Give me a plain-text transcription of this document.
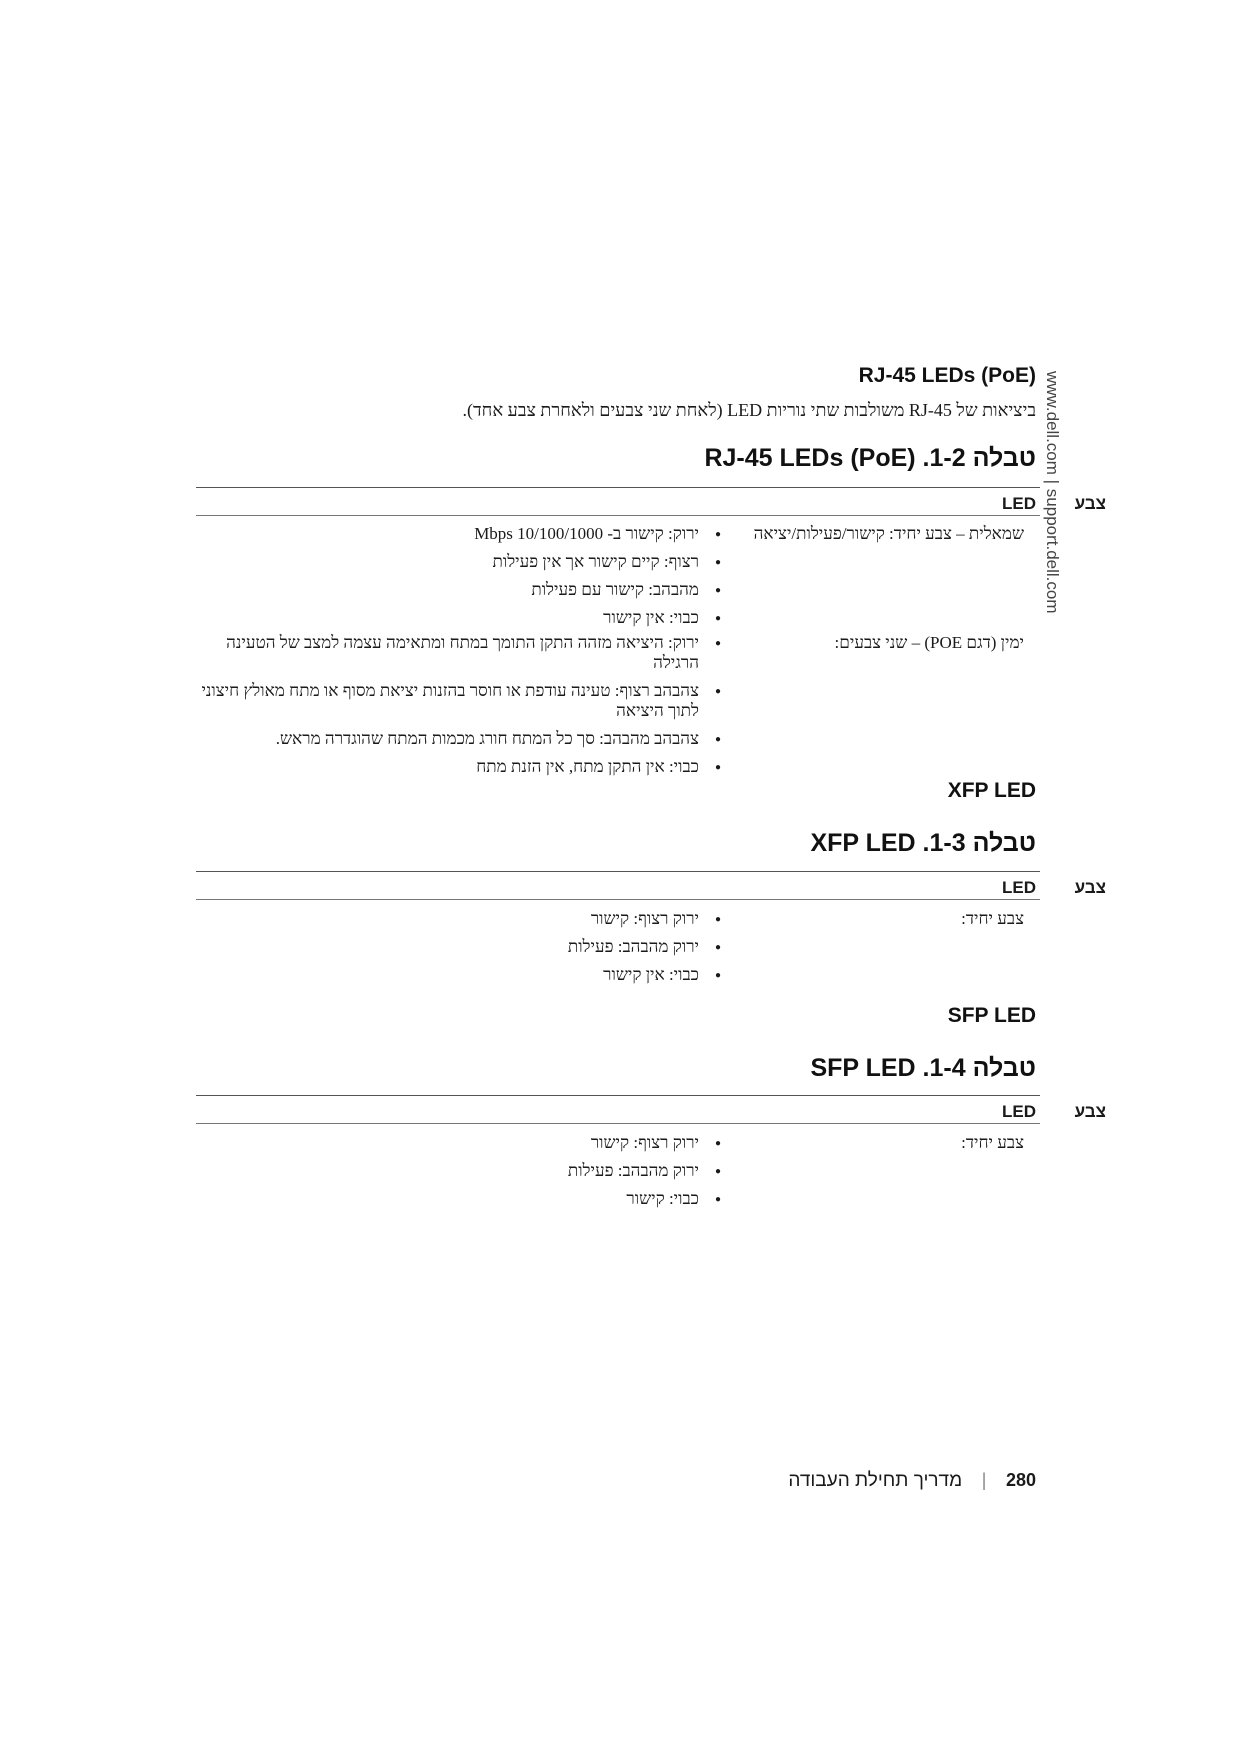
www.dell.com | support.dell.com
RJ-45 LEDs (PoE)
ביציאות של RJ-45 משולבות שתי נוריות LED (לאחת שני צבעים ולאחרת צבע אחד).
טבלה 1-2. RJ-45 LEDs (PoE)
צבע
LED
שמאלית – צבע יחיד: קישור/פעילות/יציאה
● ירוק: קישור ב- 10/100/1000 Mbps
● רצוף: קיים קישור אך אין פעילות
● מהבהב: קישור עם פעילות
● כבוי: אין קישור
ימין (דגם POE) – שני צבעים:
● ירוק: היציאה מזהה התקן התומך במתח ומתאימה עצמה למצב של הטעינה הרגילה
● צהבהב רצוף: טעינה עודפת או חוסר בהזנות יציאת מסוף או מתח מאולץ חיצוני לתוך היציאה
● צהבהב מהבהב: סך כל המתח חורג מכמות המתח שהוגדרה מראש.
● כבוי: אין התקן מתח, אין הזנת מתח
XFP LED
טבלה 1-3. XFP LED
צבע
LED
צבע יחיד:
● ירוק רצוף: קישור
● ירוק מהבהב: פעילות
● כבוי: אין קישור
SFP LED
טבלה 1-4. SFP LED
צבע
LED
צבע יחיד:
● ירוק רצוף: קישור
● ירוק מהבהב: פעילות
● כבוי: קישור
280|מדריך תחילת העבודה
